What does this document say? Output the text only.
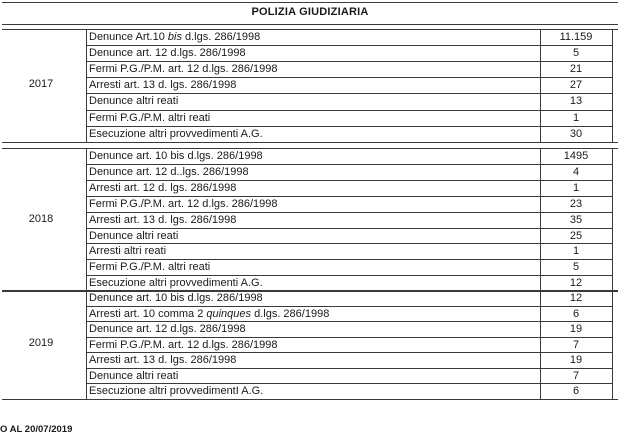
POLIZIA GIUDIZIARIA
O AL 20/07/2019
2017
Denunce Art.10 bis d.lgs. 286/1998	11.159
Denunce art. 12 d.lgs. 286/1998	5
Fermi P.G./P.M. art. 12 d.lgs. 286/1998	21
Arresti art. 13 d. lgs. 286/1998	27
Denunce altri reati	13
Fermi P.G./P.M. altri reati	1
Esecuzione altri provvedimenti A.G.	30
2018
Denunce art. 10 bis d.lgs. 286/1998	1495
Denunce art. 12 d..lgs. 286/1998	4
Arresti art. 12 d. lgs. 286/1998	1
Fermi P.G./P.M. art. 12 d.lgs. 286/1998	23
Arresti art. 13 d. lgs. 286/1998	35
Denunce altri reati	25
Arresti altri reati	1
Fermi P.G./P.M. altri reati	5
Esecuzione altri provvedimenti A.G.	12
2019
Denunce art. 10 bis d.lgs. 286/1998	12
Arresti art. 10 comma 2 quinques d.lgs. 286/1998	6
Denunce art. 12 d.lgs. 286/1998	19
Fermi P.G./P.M. art. 12 d.lgs. 286/1998	7
Arresti art. 13 d. lgs. 286/1998	19
Denunce altri reati	7
Esecuzione altri provvedimentI A.G.	6
